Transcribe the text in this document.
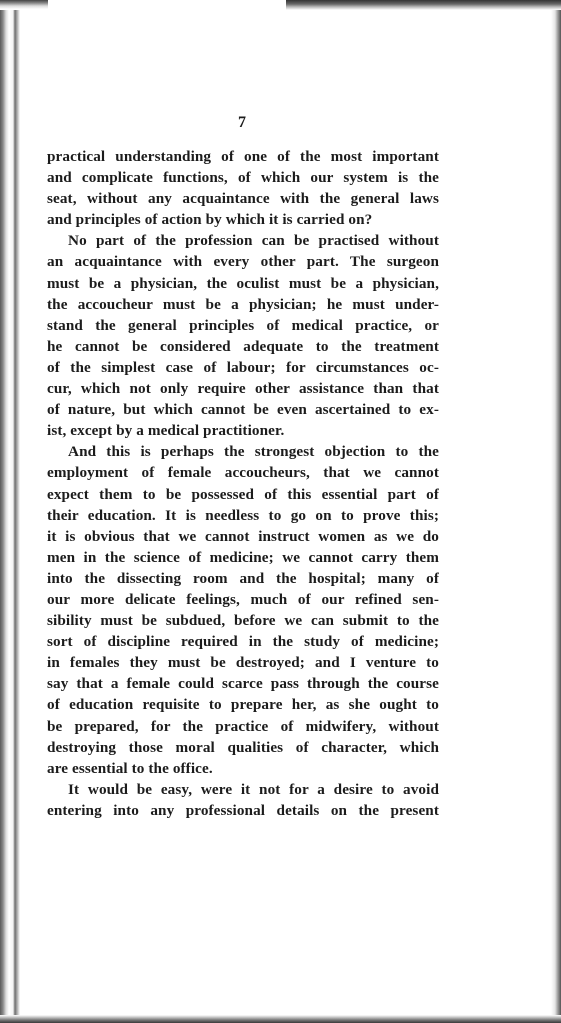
7
practical understanding of one of the most important
and complicate functions, of which our system is the
seat, without any acquaintance with the general laws
and principles of action by which it is carried on?
No part of the profession can be practised without
an acquaintance with every other part. The surgeon
must be a physician, the oculist must be a physician,
the accoucheur must be a physician; he must under-
stand the general principles of medical practice, or
he cannot be considered adequate to the treatment
of the simplest case of labour; for circumstances oc-
cur, which not only require other assistance than that
of nature, but which cannot be even ascertained to ex-
ist, except by a medical practitioner.
And this is perhaps the strongest objection to the
employment of female accoucheurs, that we cannot
expect them to be possessed of this essential part of
their education. It is needless to go on to prove this;
it is obvious that we cannot instruct women as we do
men in the science of medicine; we cannot carry them
into the dissecting room and the hospital; many of
our more delicate feelings, much of our refined sen-
sibility must be subdued, before we can submit to the
sort of discipline required in the study of medicine;
in females they must be destroyed; and I venture to
say that a female could scarce pass through the course
of education requisite to prepare her, as she ought to
be prepared, for the practice of midwifery, without
destroying those moral qualities of character, which
are essential to the office.
It would be easy, were it not for a desire to avoid
entering into any professional details on the present
